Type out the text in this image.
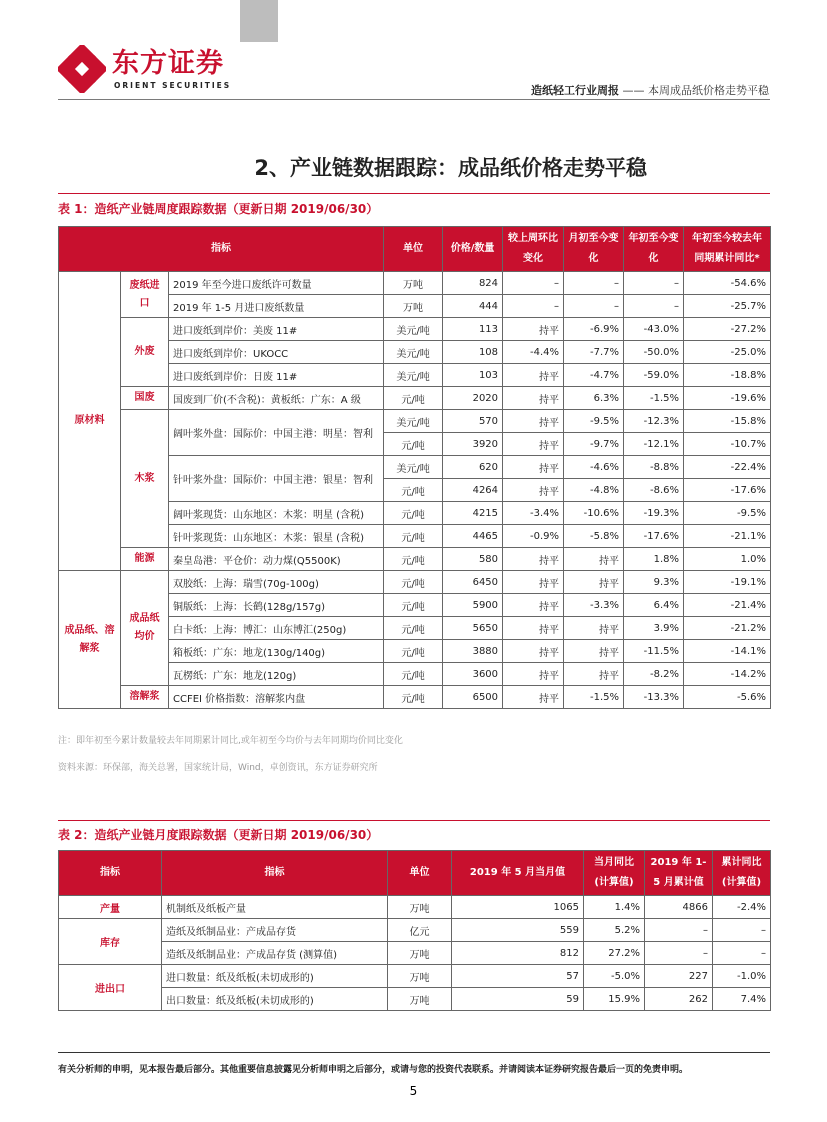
东方证券
ORIENT SECURITIES	造纸轻工行业周报 —— 本周成品纸价格走势平稳
2、产业链数据跟踪：成品纸价格走势平稳
表 1：造纸产业链周度跟踪数据（更新日期 2019/06/30）
指标			单位	价格/数量	较上周环比变化	月初至今变化	年初至今变化	年初至今较去年同期累计同比*
原材料	废纸进口	2019 年至今进口废纸许可数量	万吨	824	–	–	–	-54.6%
		2019 年 1-5 月进口废纸数量	万吨	444	–	–	–	-25.7%
	外废	进口废纸到岸价：美废 11#	美元/吨	113	持平	-6.9%	-43.0%	-27.2%
		进口废纸到岸价：UKOCC	美元/吨	108	-4.4%	-7.7%	-50.0%	-25.0%
		进口废纸到岸价：日废 11#	美元/吨	103	持平	-4.7%	-59.0%	-18.8%
	国废	国废到厂价(不含税)：黄板纸：广东：A 级	元/吨	2020	持平	6.3%	-1.5%	-19.6%
	木浆	阔叶浆外盘：国际价：中国主港：明星：智利	美元/吨	570	持平	-9.5%	-12.3%	-15.8%
			元/吨	3920	持平	-9.7%	-12.1%	-10.7%
		针叶浆外盘：国际价：中国主港：银星：智利	美元/吨	620	持平	-4.6%	-8.8%	-22.4%
			元/吨	4264	持平	-4.8%	-8.6%	-17.6%
		阔叶浆现货：山东地区：木浆：明星 (含税)	元/吨	4215	-3.4%	-10.6%	-19.3%	-9.5%
		针叶浆现货：山东地区：木浆：银星 (含税)	元/吨	4465	-0.9%	-5.8%	-17.6%	-21.1%
	能源	秦皇岛港：平仓价：动力煤(Q5500K)	元/吨	580	持平	持平	1.8%	1.0%
成品纸、溶解浆	成品纸均价	双胶纸：上海：瑞雪(70g-100g)	元/吨	6450	持平	持平	9.3%	-19.1%
		铜版纸：上海：长鹤(128g/157g)	元/吨	5900	持平	-3.3%	6.4%	-21.4%
		白卡纸：上海：博汇：山东博汇(250g)	元/吨	5650	持平	持平	3.9%	-21.2%
		箱板纸：广东：地龙(130g/140g)	元/吨	3880	持平	持平	-11.5%	-14.1%
		瓦楞纸：广东：地龙(120g)	元/吨	3600	持平	持平	-8.2%	-14.2%
	溶解浆	CCFEI 价格指数：溶解浆内盘	元/吨	6500	持平	-1.5%	-13.3%	-5.6%
注：即年初至今累计数量较去年同期累计同比,或年初至今均价与去年同期均价同比变化
资料来源：环保部，海关总署，国家统计局，Wind，卓创资讯，东方证券研究所
表 2：造纸产业链月度跟踪数据（更新日期 2019/06/30）
指标	指标	单位	2019 年 5 月当月值	当月同比(计算值)	2019 年 1-5 月累计值	累计同比(计算值)
产量	机制纸及纸板产量	万吨	1065	1.4%	4866	-2.4%
库存	造纸及纸制品业：产成品存货	亿元	559	5.2%	–	–
	造纸及纸制品业：产成品存货 (测算值)	万吨	812	27.2%	–	–
进出口	进口数量：纸及纸板(未切成形的)	万吨	57	-5.0%	227	-1.0%
	出口数量：纸及纸板(未切成形的)	万吨	59	15.9%	262	7.4%
有关分析师的申明，见本报告最后部分。其他重要信息披露见分析师申明之后部分，或请与您的投资代表联系。并请阅读本证券研究报告最后一页的免责申明。
5
